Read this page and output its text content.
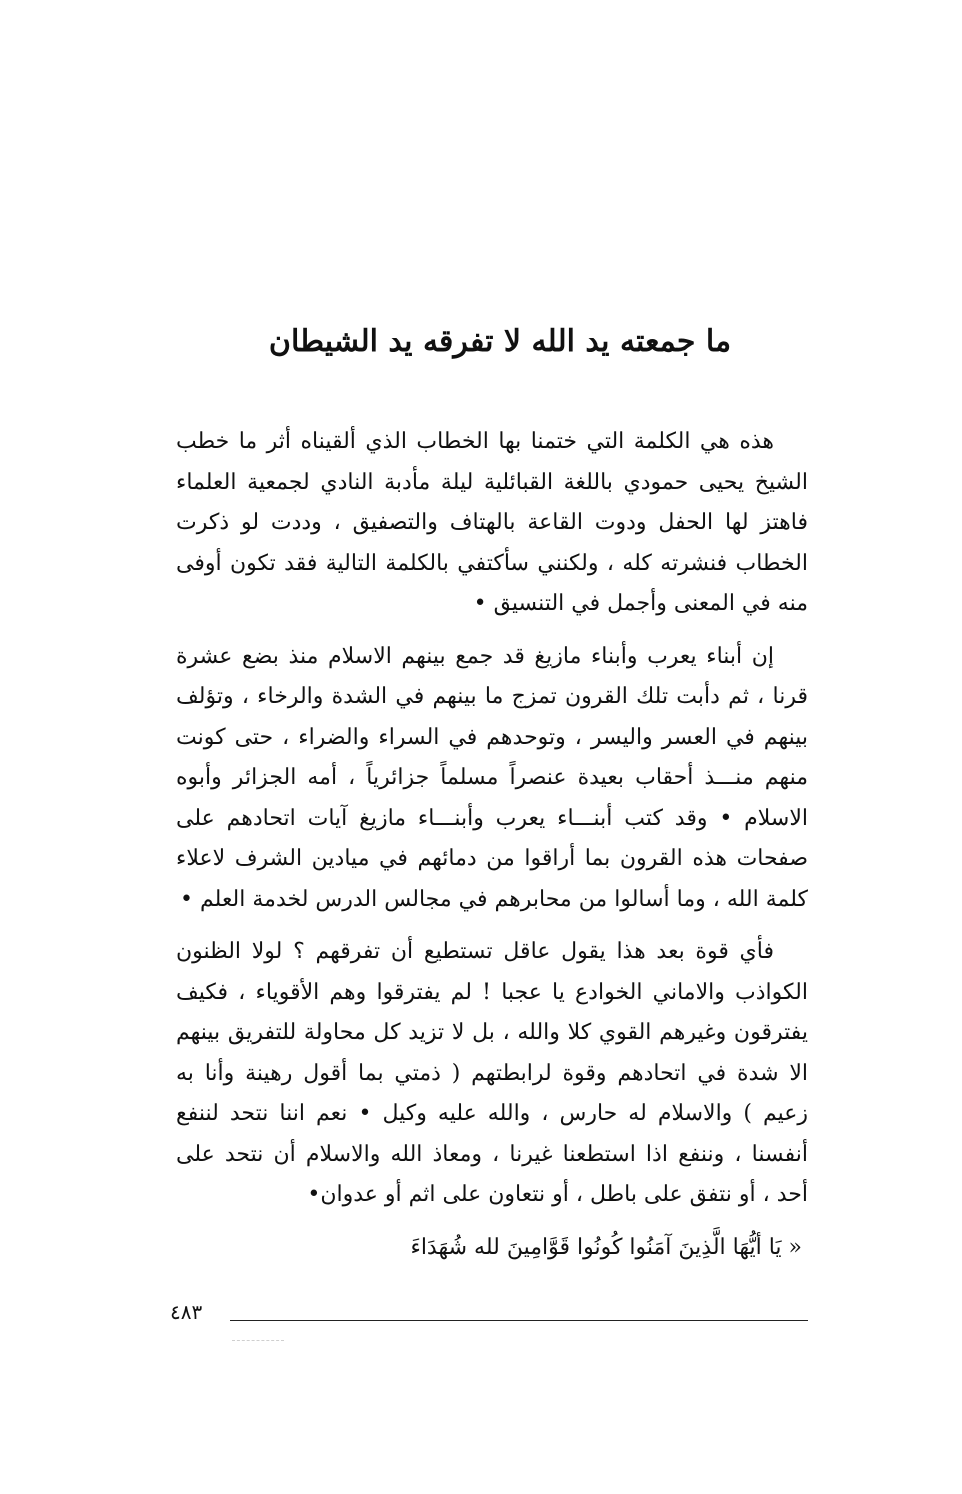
ما جمعته يد الله لا تفرقه يد الشيطان

هذه هي الكلمة التي ختمنا بها الخطاب الذي ألقيناه أثر ما خطب الشيخ يحيى حمودي باللغة القبائلية ليلة مأدبة النادي لجمعية العلماء فاهتز لها الحفل ودوت القاعة بالهتاف والتصفيق ، وددت لو ذكرت الخطاب فنشرته كله ، ولكنني سأكتفي بالكلمة التالية فقد تكون أوفى منه في المعنى وأجمل في التنسيق •

إن أبناء يعرب وأبناء مازيغ قد جمع بينهم الاسلام منذ بضع عشرة قرنا ، ثم دأبت تلك القرون تمزج ما بينهم في الشدة والرخاء ، وتؤلف بينهم في العسر واليسر ، وتوحدهم في السراء والضراء ، حتى كونت منهم منـــذ أحقاب بعيدة عنصراً مسلماً جزائرياً ، أمه الجزائر وأبوه الاسلام • وقد كتب أبنـــاء يعرب وأبنـــاء مازيغ آيات اتحادهم على صفحات هذه القرون بما أراقوا من دمائهم في ميادين الشرف لاعلاء كلمة الله ، وما أسالوا من محابرهم في مجالس الدرس لخدمة العلم •

فأي قوة بعد هذا يقول عاقل تستطيع أن تفرقهم ؟ لولا الظنون الكواذب والاماني الخوادع يا عجبا ! لم يفترقوا وهم الأقوياء ، فكيف يفترقون وغيرهم القوي كلا والله ، بل لا تزيد كل محاولة للتفريق بينهم الا شدة في اتحادهم وقوة لرابطتهم ( ذمتي بما أقول رهينة وأنا به زعيم ) والاسلام له حارس ، والله عليه وكيل • نعم اننا نتحد لننفع أنفسنا ، وننفع اذا استطعنا غيرنا ، ومعاذ الله والاسلام أن نتحد على أحد ، أو نتفق على باطل ، أو نتعاون على اثم أو عدوان•

« يَا أيُّهَا الَّذِينَ آمَنُوا كُونُوا قَوَّامِينَ لله شُهَدَاءَ

٤٨٣
